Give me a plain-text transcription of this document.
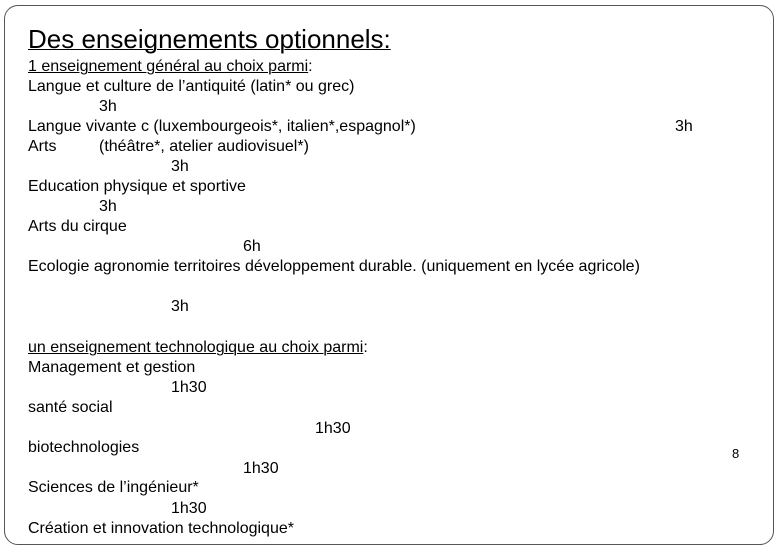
Des enseignements optionnels:
1 enseignement général au choix parmi:
Langue et culture de l’antiquité (latin* ou grec)
3h
Langue vivante c (luxembourgeois*, italien*,espagnol*)	3h
Arts	(théâtre*, atelier audiovisuel*)
3h
Education physique et sportive
3h
Arts du cirque
6h
Ecologie agronomie territoires développement durable. (uniquement en lycée agricole)
3h
un enseignement technologique au choix parmi:
Management et gestion
1h30
santé social
1h30
biotechnologies
1h30
Sciences de l’ingénieur*
1h30
Création et innovation technologique*
8
